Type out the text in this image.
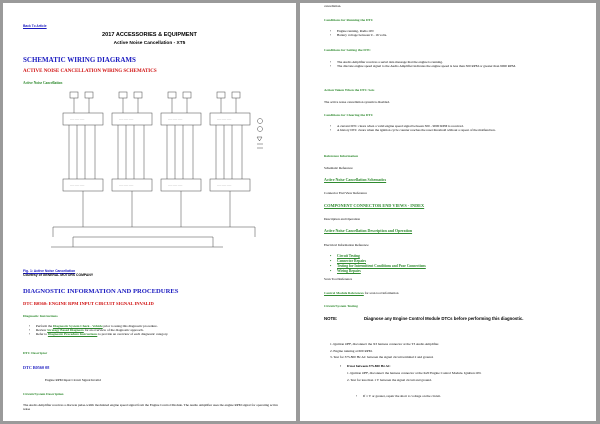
Back To Article
2017 ACCESSORIES & EQUIPMENT
Active Noise Cancellation - XT5
SCHEMATIC WIRING DIAGRAMS
ACTIVE NOISE CANCELLATION WIRING SCHEMATICS
Active Noise Cancellation
—— —— ——	—— —— ——	—— —— ——	—— —— ——
—— —— ——	—— —— ——	—— —— ——	—— —— ——
Fig. 1: Active Noise Cancellation
Courtesy of GENERAL MOTORS COMPANY
DIAGNOSTIC INFORMATION AND PROCEDURES
DTC B0560: ENGINE RPM INPUT CIRCUIT SIGNAL INVALID
Diagnostic Instructions
• Perform the Diagnostic System Check - Vehicle prior to using this diagnostic procedure.
• Review Strategy Based Diagnosis for an overview of the diagnostic approach.
• Refer to Diagnostic Procedure Instructions to provide an overview of each diagnostic category.
DTC Descriptor
DTC B0560 08
Engine RPM Input Circuit Signal Invalid
Circuit/System Description
The Audio Amplifier receives a discrete pulse-width modulated engine speed signal from the Engine Control Module. The Audio Amplifier uses the engine RPM signal for operating active noise
cancellation.
Conditions for Running the DTC
• Engine running, Radio ON
• Battery voltage between 9 - 16 volts.
Conditions for Setting the DTC
• The Audio Amplifier receives a serial data message that the engine is running.
• The discrete engine speed signal to the Audio Amplifier indicates the engine speed is less than 300 RPM or greater than 9000 RPM.
Action Taken When the DTC Sets
The active noise cancellation system is disabled.
Conditions for Clearing the DTC
• A current DTC clears when a valid engine speed signal between 300 - 9000 RPM is received.
• A history DTC clears when the ignition cycle counter reaches the reset threshold without a repeat of the malfunction.
Reference Information
Schematic Reference
Active Noise Cancellation Schematics
Connector End View Reference
COMPONENT CONNECTOR END VIEWS - INDEX
Description and Operation
Active Noise Cancellation Description and Operation
Electrical Information Reference
• Circuit Testing
• Connector Repairs
• Testing for Intermittent Conditions and Poor Connections
• Wiring Repairs
Scan Tool Reference
Control Module References for scan tool information
Circuit/System Testing
NOTE:	Diagnose any Engine Control Module DTCs before performing this diagnostic.
1. Ignition OFF, disconnect the X3 harness connector at the T3 Audio Amplifier.
2. Engine running at 600 RPM.
3. Test for 375-800 Hz AC between the signal circuit terminal 2 and ground.
• If not between 375-800 Hz AC
1. Ignition OFF, disconnect the harness connector at the K20 Engine Control Module. Ignition ON.
2. Test for less than 1 V between the signal circuit and ground.
• If 1 V or greater, repair the short to voltage on the circuit.
